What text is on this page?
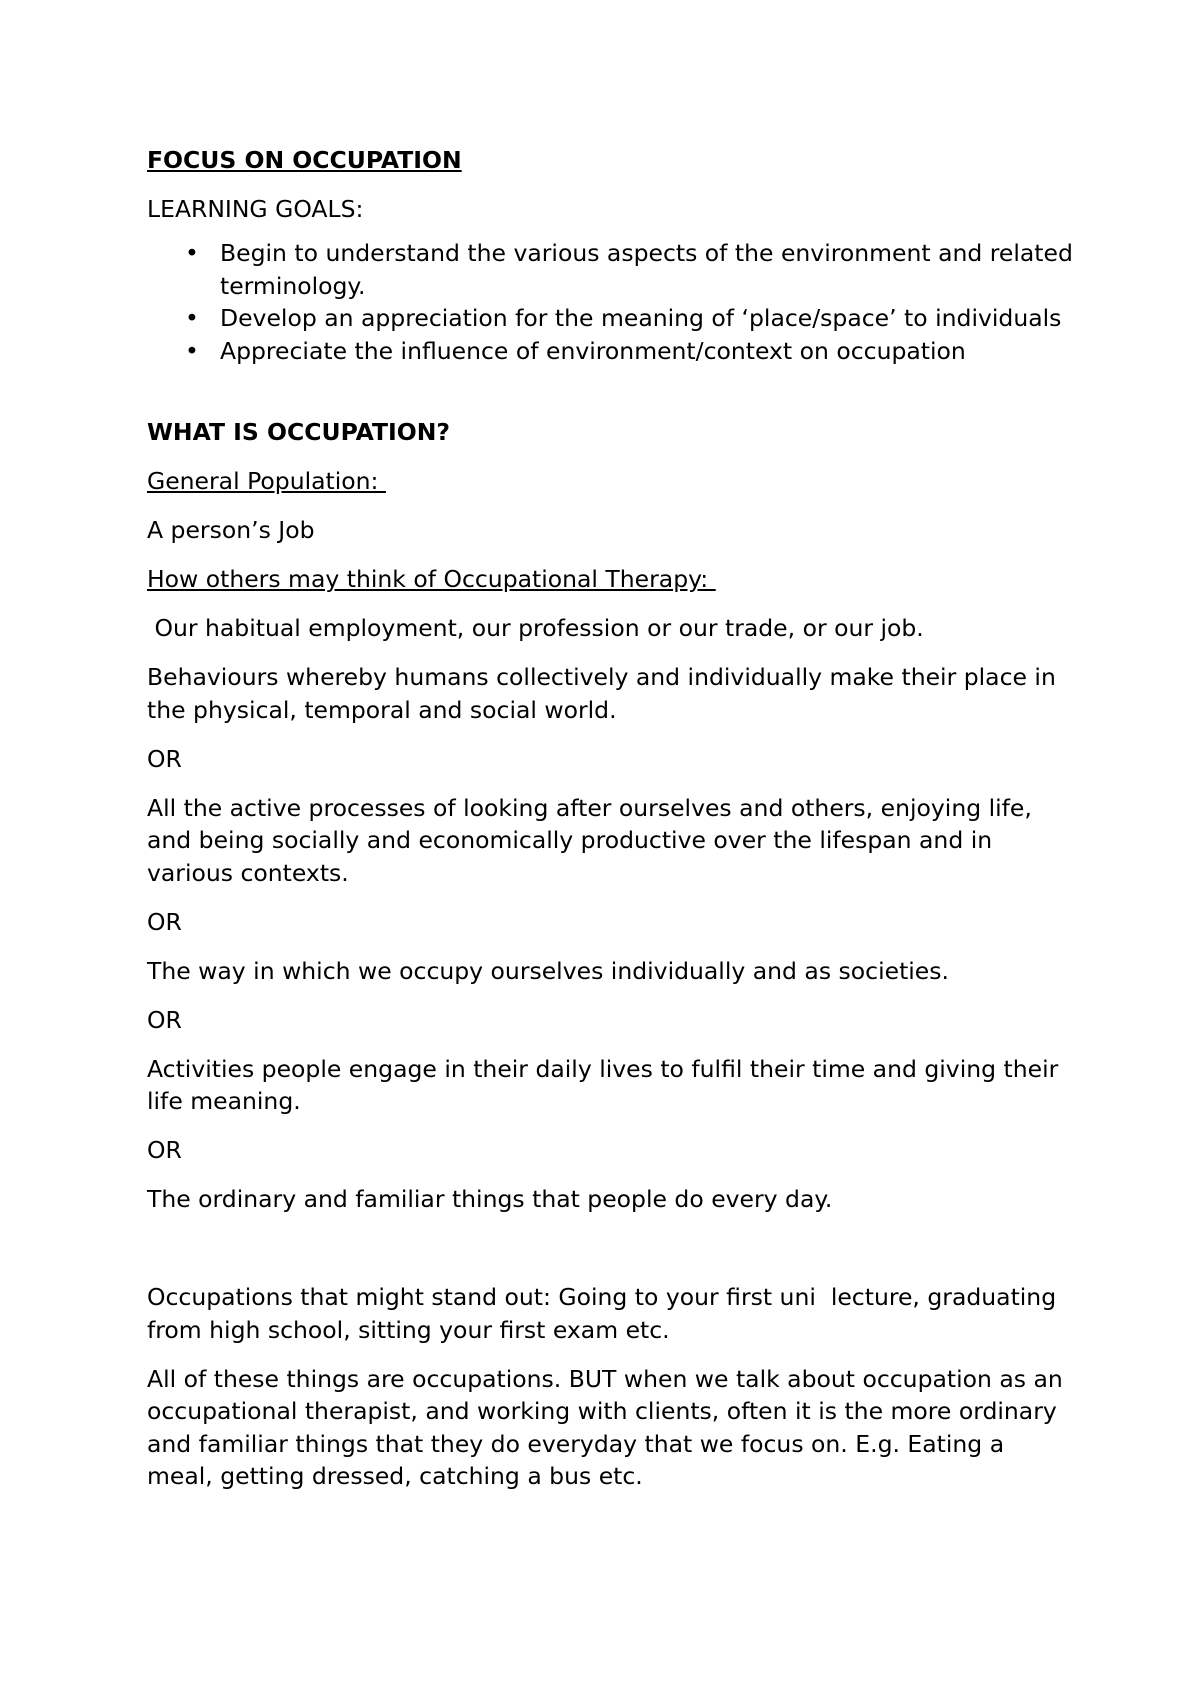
FOCUS ON OCCUPATION

LEARNING GOALS:

• Begin to understand the various aspects of the environment and related terminology.
• Develop an appreciation for the meaning of ‘place/space’ to individuals
• Appreciate the influence of environment/context on occupation

WHAT IS OCCUPATION?

General Population:

A person’s Job

How others may think of Occupational Therapy:

Our habitual employment, our profession or our trade, or our job.

Behaviours whereby humans collectively and individually make their place in the physical, temporal and social world.

OR

All the active processes of looking after ourselves and others, enjoying life, and being socially and economically productive over the lifespan and in various contexts.

OR

The way in which we occupy ourselves individually and as societies.

OR

Activities people engage in their daily lives to fulfil their time and giving their life meaning.

OR

The ordinary and familiar things that people do every day.

Occupations that might stand out: Going to your first uni  lecture, graduating from high school, sitting your first exam etc.

All of these things are occupations. BUT when we talk about occupation as an occupational therapist, and working with clients, often it is the more ordinary and familiar things that they do everyday that we focus on. E.g. Eating a meal, getting dressed, catching a bus etc.
